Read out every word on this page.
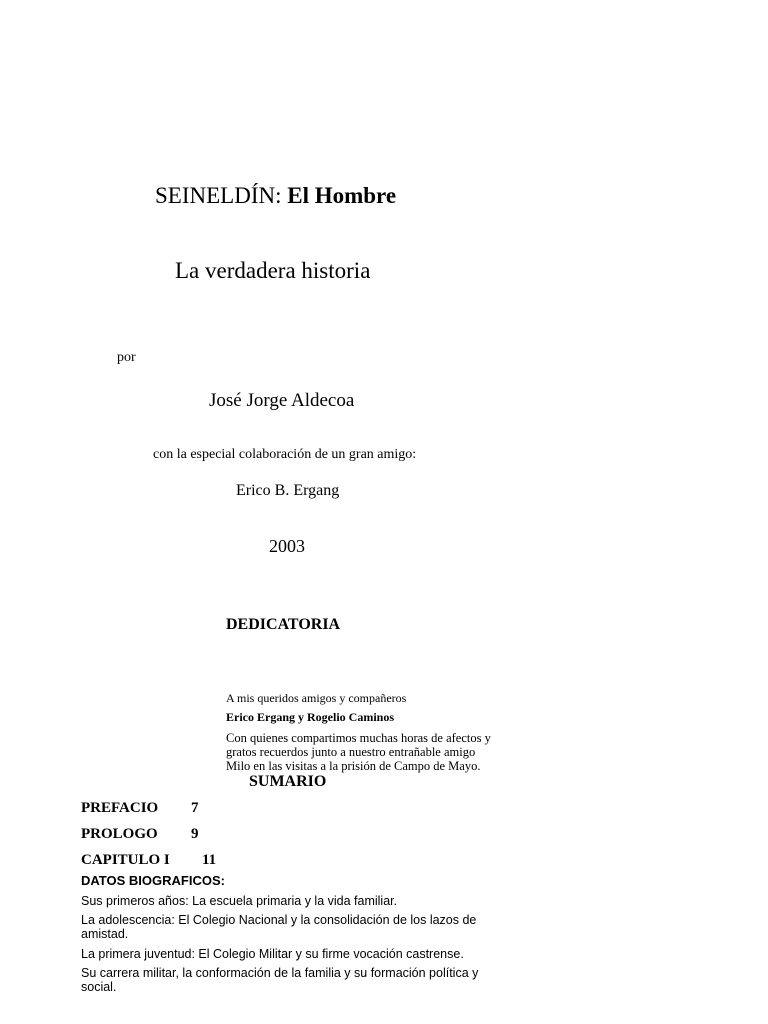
SEINELDÍN: El Hombre
La verdadera historia
por
José Jorge Aldecoa
con la especial colaboración de un gran amigo:
Erico B. Ergang
2003
DEDICATORIA
A mis queridos amigos y compañeros
Erico Ergang y Rogelio Caminos
Con quienes compartimos muchas horas de afectos y
gratos recuerdos junto a nuestro entrañable amigo
Milo en las visitas a la prisión de Campo de Mayo.
SUMARIO
PREFACIO 7
PROLOGO 9
CAPITULO I 11
DATOS BIOGRAFICOS:
Sus primeros años: La escuela primaria y la vida familiar.
La adolescencia: El Colegio Nacional y la consolidación de los lazos de
amistad.
La primera juventud: El Colegio Militar y su firme vocación castrense.
Su carrera militar, la conformación de la familia y su formación política y
social.
